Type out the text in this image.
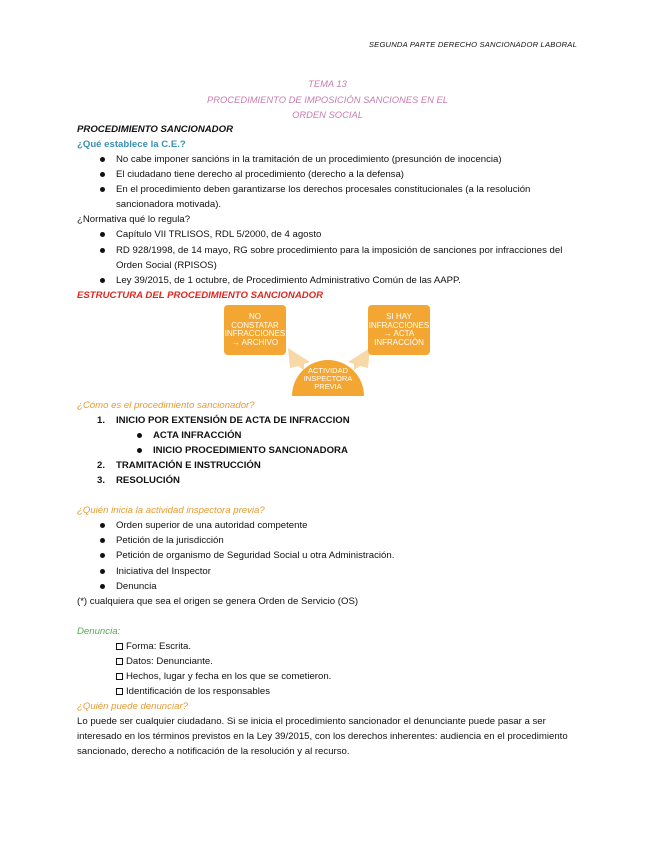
SEGUNDA PARTE DERECHO SANCIONADOR LABORAL
TEMA 13
PROCEDIMIENTO DE IMPOSICIÓN SANCIONES EN EL
ORDEN SOCIAL
PROCEDIMIENTO SANCIONADOR
¿Qué establece la C.E.?
No cabe imponer sancións in la tramitación de un procedimiento (presunción de inocencia)
El ciudadano tiene derecho al procedimiento (derecho a la defensa)
En el procedimiento deben garantizarse los derechos procesales constitucionales (a la resolución
sancionadora motivada).
¿Normativa qué lo regula?
Capítulo VII TRLISOS, RDL 5/2000, de 4 agosto
RD 928/1998, de 14 mayo, RG sobre procedimiento para la imposición de sanciones por infracciones del
Orden Social (RPISOS)
Ley 39/2015, de 1 octubre, de Procedimiento Administrativo Común de las AAPP.
ESTRUCTURA DEL PROCEDIMIENTO SANCIONADOR
NO
CONSTATAR
INFRACCIONES
→ ARCHIVO
SI HAY
INFRACCIONES
→ ACTA
INFRACCIÓN
ACTIVIDAD
INSPECTORA
PREVIA
¿Cómo es el procedimiento sancionador?
1. INICIO POR EXTENSIÓN DE ACTA DE INFRACCION
ACTA INFRACCIÓN
INICIO PROCEDIMIENTO SANCIONADORA
2. TRAMITACIÓN E INSTRUCCIÓN
3. RESOLUCIÓN
¿Quién inicia la actividad inspectora previa?
Orden superior de una autoridad competente
Petición de la jurisdicción
Petición de organismo de Seguridad Social u otra Administración.
Iniciativa del Inspector
Denuncia
(*) cualquiera que sea el origen se genera Orden de Servicio (OS)
Denuncia:
Forma: Escrita.
Datos: Denunciante.
Hechos, lugar y fecha en los que se cometieron.
Identificación de los responsables
¿Quién puede denunciar?
Lo puede ser cualquier ciudadano. Si se inicia el procedimiento sancionador el denunciante puede pasar a ser
interesado en los términos previstos en la Ley 39/2015, con los derechos inherentes: audiencia en el procedimiento
sancionado, derecho a notificación de la resolución y al recurso.
